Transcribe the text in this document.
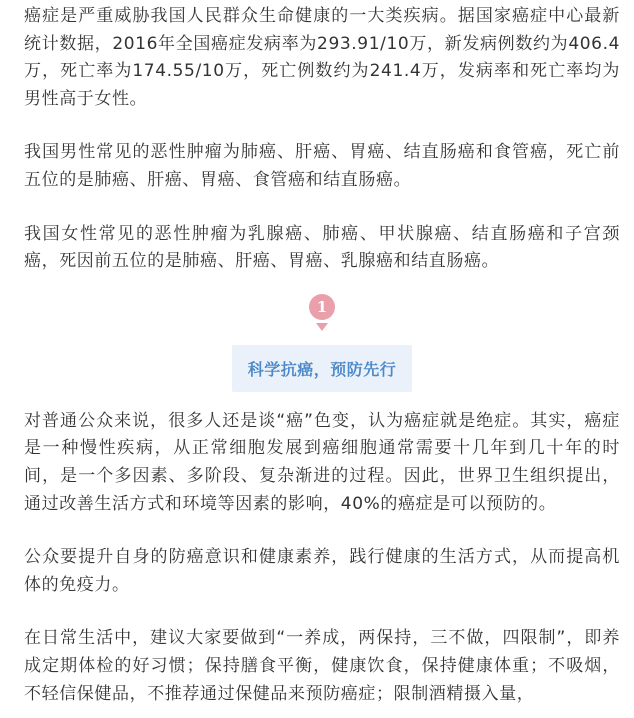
癌症是严重威胁我国人民群众生命健康的一大类疾病。据国家癌症中心最新统计数据，2016年全国癌症发病率为293.91/10万，新发病例数约为406.4万，死亡率为174.55/10万，死亡例数约为241.4万，发病率和死亡率均为男性高于女性。

我国男性常见的恶性肿瘤为肺癌、肝癌、胃癌、结直肠癌和食管癌，死亡前五位的是肺癌、肝癌、胃癌、食管癌和结直肠癌。

我国女性常见的恶性肿瘤为乳腺癌、肺癌、甲状腺癌、结直肠癌和子宫颈癌，死因前五位的是肺癌、肝癌、胃癌、乳腺癌和结直肠癌。

1
科学抗癌，预防先行

对普通公众来说，很多人还是谈“癌”色变，认为癌症就是绝症。其实，癌症是一种慢性疾病，从正常细胞发展到癌细胞通常需要十几年到几十年的时间，是一个多因素、多阶段、复杂渐进的过程。因此，世界卫生组织提出，通过改善生活方式和环境等因素的影响，40%的癌症是可以预防的。

公众要提升自身的防癌意识和健康素养，践行健康的生活方式，从而提高机体的免疫力。

在日常生活中，建议大家要做到“一养成，两保持，三不做，四限制”，即养成定期体检的好习惯；保持膳食平衡，健康饮食，保持健康体重；不吸烟，不轻信保健品，不推荐通过保健品来预防癌症；限制酒精摄入量，
